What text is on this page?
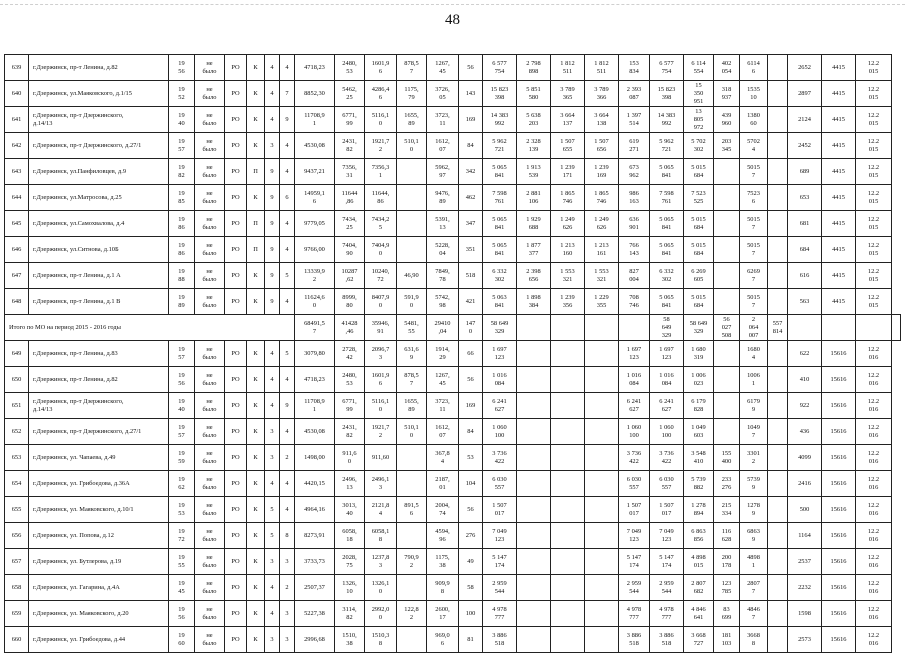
48
639	г.Дзержинск, пр-т Ленина, д.82	19
56	не
было	РО	К	4	4	4718,23	2480,
53	1601,9
6	878,5
7	1267,
45	56	6 577
754	2 798
898	1 812
511	1 812
511	153
834	6 577
754	6 114
554	402
054	6114
6		2652	4415	12.2
015	
640	г.Дзержинск, ул.Маяковского, д.1/15	19
52	не
было	РО	К	4	7	8852,30	5462,
25	4286,4
6	1175,
79	3726,
05	143	15 823
398	5 851
580	3 789
365	3 789
366	2 393
087	15 823
398	15
350
951	318
937	1535
10		2897	4415	12.2
015	
641	г.Дзержинск, пр-т Дзержинского,
д.14/13	19
40	не
было	РО	К	4	9	11708,9
1	6771,
99	5116,1
0	1655,
89	3723,
11	169	14 383
992	5 638
203	3 664
137	3 664
138	1 397
514	14 383
992	13
805
972	439
960	1380
60		2124	4415	12.2
015	
642	г.Дзержинск, пр-т Дзержинского, д.27/1	19
57	не
было	РО	К	3	4	4530,08	2431,
82	1921,7
2	510,1
0	1612,
07	84	5 962
721	2 328
139	1 507
655	1 507
656	619
271	5 962
721	5 702
302	203
345	5702
4		2452	4415	12.2
015	
643	г.Дзержинск, ул.Панфиловцев, д.9	19
82	не
было	РО	П	9	4	9437,21	7356,
31	7356,3
1		5962,
97	342	5 065
841	1 913
539	1 239
171	1 239
169	673
962	5 065
841	5 015
684		5015
7		689	4415	12.2
015	
644	г.Дзержинск, ул.Матросова, д.25	19
85	не
было	РО	К	9	6	14959,1
6	11644
,86	11644,
86		9476,
89	462	7 598
761	2 881
106	1 865
746	1 865
746	986
163	7 598
761	7 523
525		7523
6		653	4415	12.2
015	
645	г.Дзержинск, ул.Самохвалова, д.4	19
86	не
было	РО	П	9	4	9779,05	7434,
25	7434,2
5		5391,
13	347	5 065
841	1 929
688	1 249
626	1 249
626	636
901	5 065
841	5 015
684		5015
7		681	4415	12.2
015	
646	г.Дзержинск, ул.Ситнова, д.10Б	19
86	не
было	РО	П	9	4	9766,00	7404,
90	7404,9
0		5228,
04	351	5 065
841	1 877
377	1 213
160	1 213
161	766
143	5 065
841	5 015
684		5015
7		684	4415	12.2
015	
647	г.Дзержинск, пр-т Ленина, д.1 А	19
88	не
было	РО	К	9	5	13339,9
2	10287
,62	10240,
72	46,90	7849,
78	518	6 332
302	2 398
656	1 553
321	1 553
321	827
004	6 332
302	6 269
605		6269
7		616	4415	12.2
015	
648	г.Дзержинск, пр-т Ленина, д.1 В	19
89	не
было	РО	К	9	4	11624,6
0	8999,
80	8407,9
0	591,9
0	5742,
98	421	5 063
841	1 898
384	1 239
356	1 229
355	708
746	5 065
841	5 015
684		5015
7		563	4415	12.2
015	
Итого по МО на период 2015 - 2016 годы								68491,5
7	41428
,46	35946,
91	5481,
55	29410
,04	147
0	58 649
329					58
649
329	58 649
329	56
027
508	2
064
007	557
814				
649	г.Дзержинск, пр-т Ленина, д.83	19
57	не
было	РО	К	4	5	3079,80	2728,
42	2096,7
3	631,6
9	1914,
29	66	1 697
123				1 697
123	1 697
123	1 680
319		1680
4		622	15616	12.2
016	
650	г.Дзержинск, пр-т Ленина, д.82	19
56	не
было	РО	К	4	4	4718,23	2480,
53	1601,9
6	878,5
7	1267,
45	56	1 016
084				1 016
084	1 016
084	1 006
023		1006
1		410	15616	12.2
016	
651	г.Дзержинск, пр-т Дзержинского,
д.14/13	19
40	не
было	РО	К	4	9	11708,9
1	6771,
99	5116,1
0	1655,
89	3723,
11	169	6 241
627				6 241
627	6 241
627	6 179
828		6179
9		922	15616	12.2
016	
652	г.Дзержинск, пр-т Дзержинского, д.27/1	19
57	не
было	РО	К	3	4	4530,08	2431,
82	1921,7
2	510,1
0	1612,
07	84	1 060
100				1 060
100	1 060
100	1 049
603		1049
7		436	15616	12.2
016	
653	г.Дзержинск, ул. Чапаева, д.49	19
59	не
было	РО	К	3	2	1498,00	911,6
0	911,60		367,8
4	53	3 736
422				3 736
422	3 736
422	3 548
410	155
400	3301
2		4099	15616	12.2
016	
654	г.Дзержинск, ул. Грибоедова, д.36А	19
62	не
было	РО	К	4	4	4420,15	2496,
13	2496,1
3		2187,
01	104	6 030
557				6 030
557	6 030
557	5 739
882	233
276	5739
9		2416	15616	12.2
016	
655	г.Дзержинск, ул. Маяковского, д.10/1	19
53	не
было	РО	К	5	4	4964,16	3013,
40	2121,8
4	891,5
6	2004,
74	56	1 507
017				1 507
017	1 507
017	1 278
894	215
334	1278
9		500	15616	12.2
016	
656	г.Дзержинск, ул. Попова, д.12	19
72	не
было	РО	К	5	8	8273,91	6058,
18	6058,1
8		4594,
96	276	7 049
123				7 049
123	7 049
123	6 863
856	116
628	6863
9		1164	15616	12.2
016	
657	г.Дзержинск, ул. Бутлерова, д.19	19
55	не
было	РО	К	3	3	3733,73	2028,
75	1237,8
3	790,9
2	1175,
38	49	5 147
174				5 147
174	5 147
174	4 898
015	200
178	4898
1		2537	15616	12.2
016	
658	г.Дзержинск, ул. Гагарина, д.4А	19
45	не
было	РО	К	4	2	2507,37	1326,
10	1326,1
0		909,9
8	58	2 959
544				2 959
544	2 959
544	2 807
682	123
785	2807
7		2232	15616	12.2
016	
659	г.Дзержинск, ул. Маяковского, д.20	19
56	не
было	РО	К	4	3	5227,38	3114,
82	2992,0
0	122,8
2	2600,
17	100	4 978
777				4 978
777	4 978
777	4 846
641	83
699	4846
7		1598	15616	12.2
016	
660	г.Дзержинск, ул. Грибоедова, д.44	19
60	не
было	РО	К	3	3	2996,68	1510,
38	1510,3
8		969,0
6	81	3 886
518				3 886
518	3 886
518	3 668
727	181
103	3668
8		2573	15616	12.2
016	
